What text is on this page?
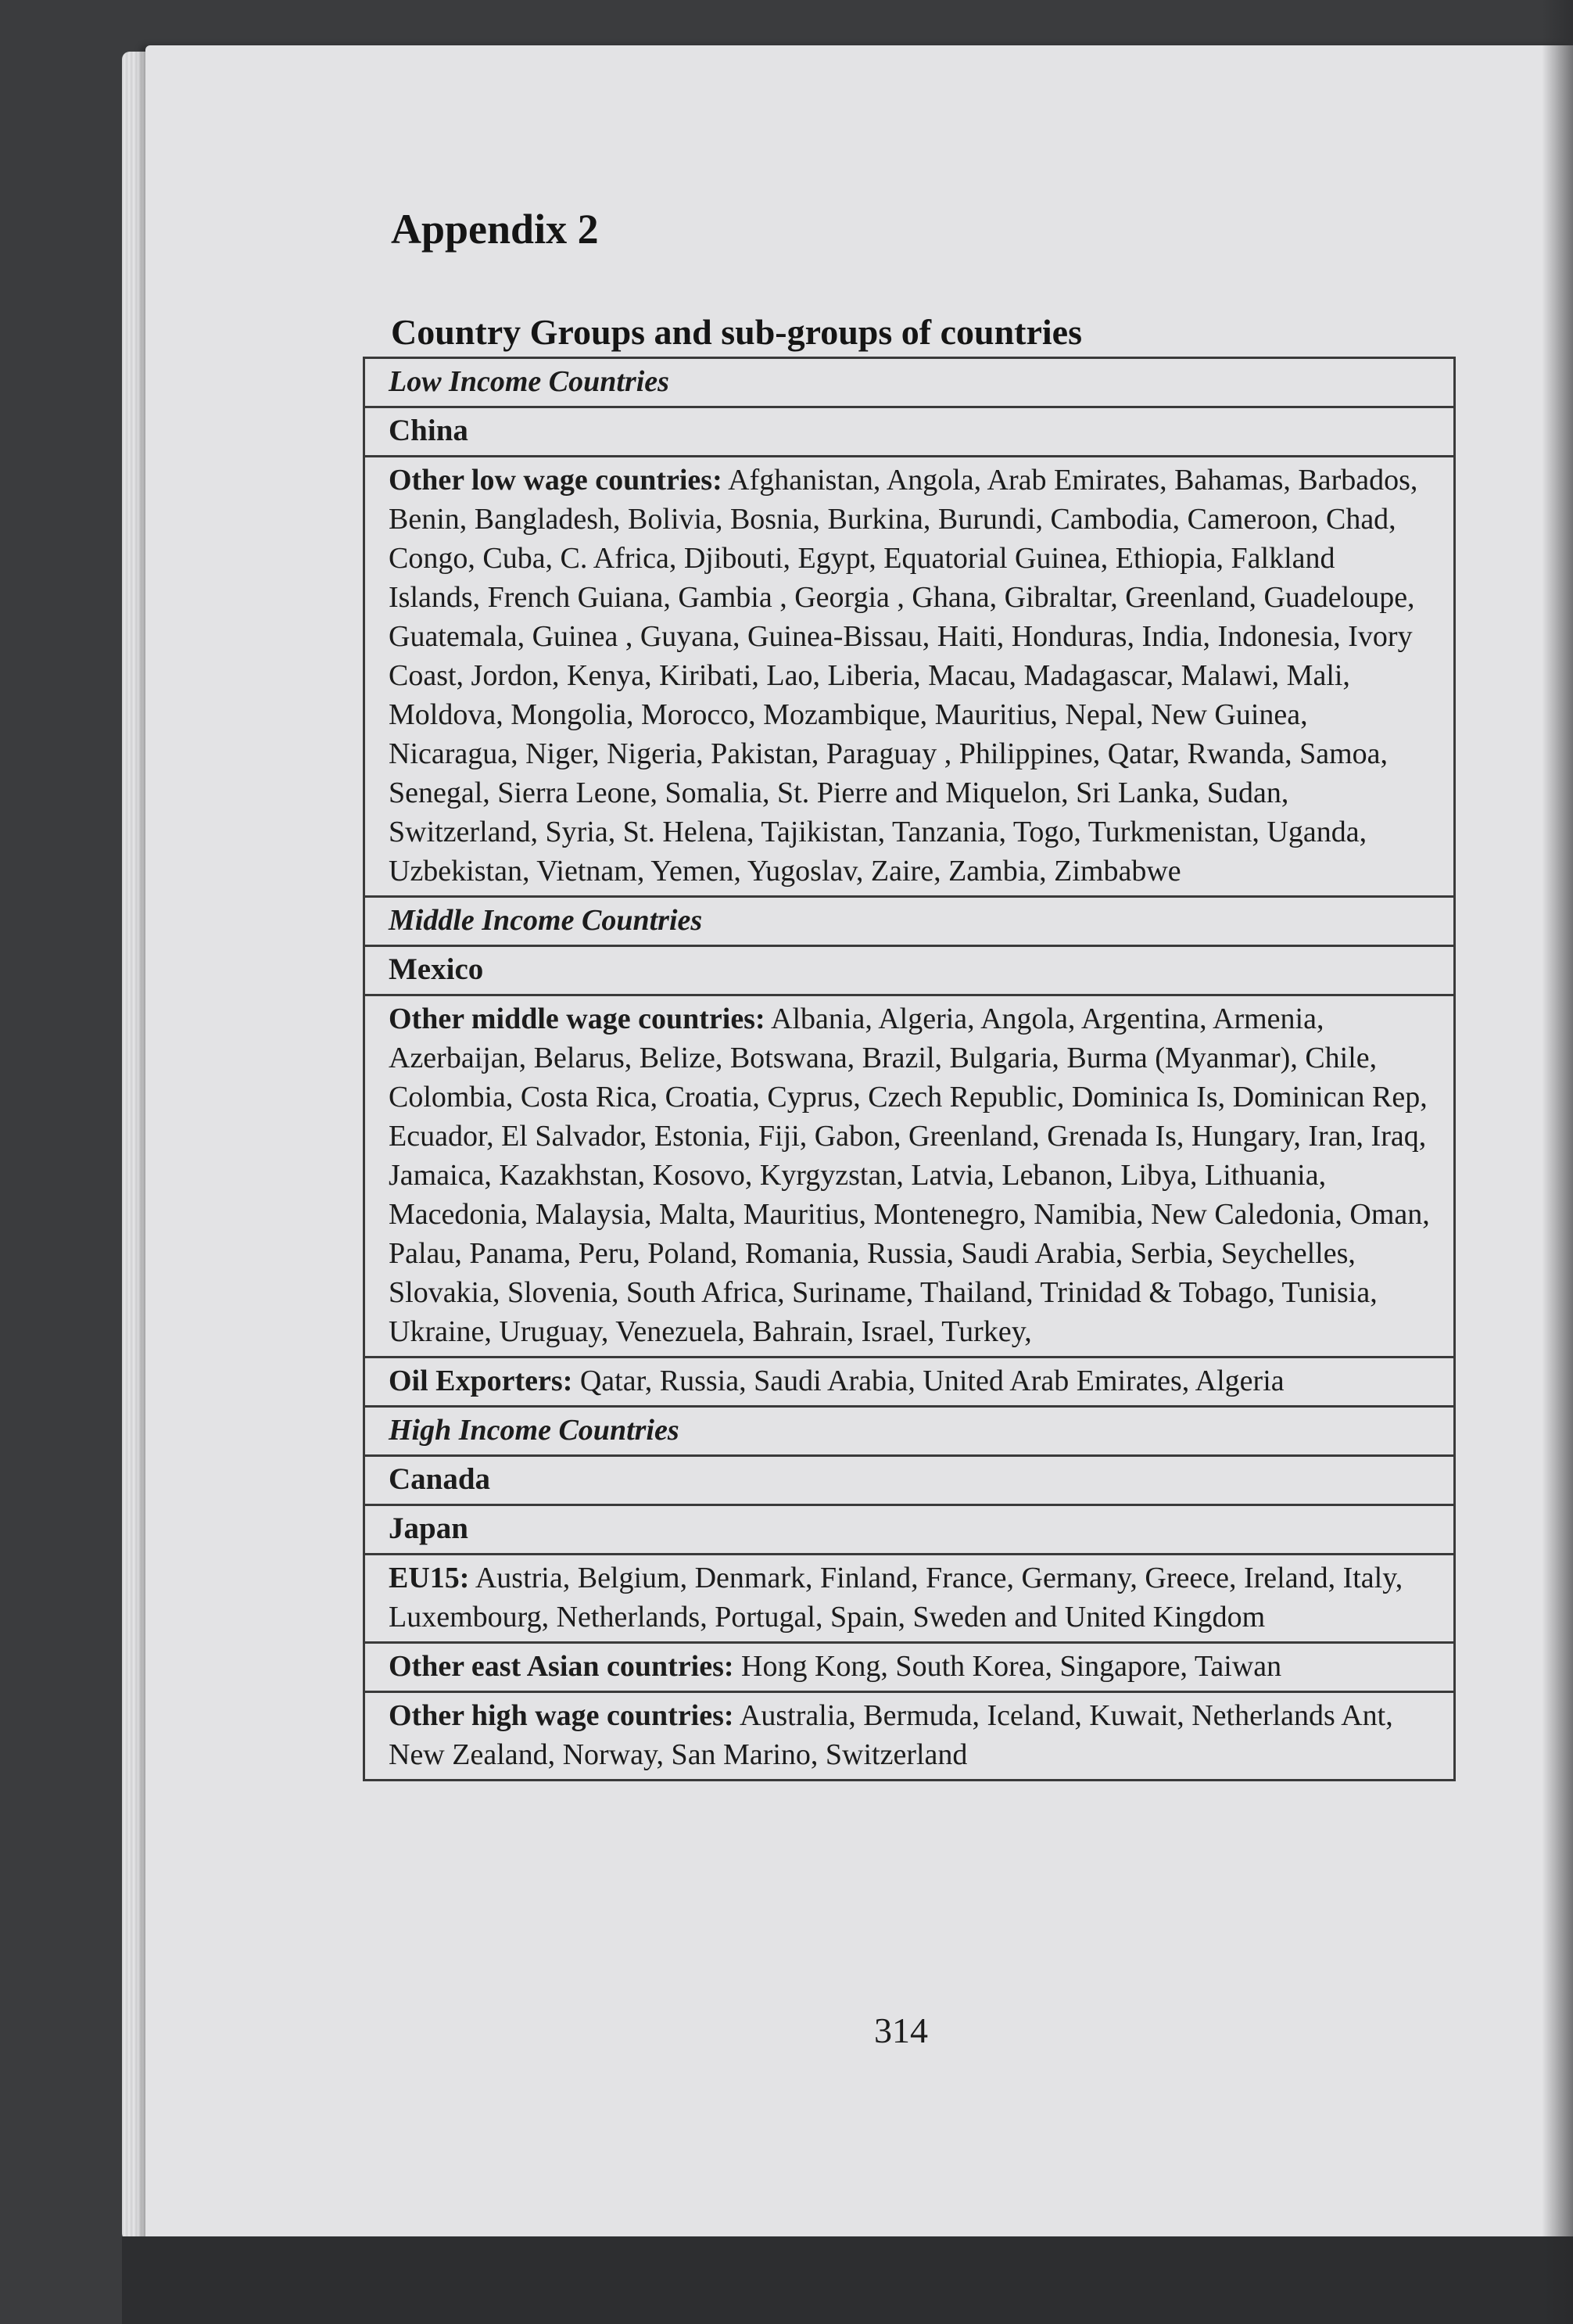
Appendix 2
Country Groups and sub-groups of countries
Low Income Countries
China
Other low wage countries: Afghanistan, Angola, Arab Emirates, Bahamas, Barbados, Benin, Bangladesh, Bolivia, Bosnia, Burkina, Burundi, Cambodia, Cameroon, Chad, Congo, Cuba, C. Africa, Djibouti, Egypt, Equatorial Guinea, Ethiopia, Falkland Islands, French Guiana, Gambia , Georgia , Ghana, Gibraltar, Greenland, Guadeloupe, Guatemala, Guinea , Guyana, Guinea-Bissau, Haiti, Honduras, India, Indonesia, Ivory Coast, Jordon, Kenya, Kiribati, Lao, Liberia, Macau, Madagascar, Malawi, Mali, Moldova, Mongolia, Morocco, Mozambique, Mauritius, Nepal, New Guinea, Nicaragua, Niger, Nigeria, Pakistan, Paraguay , Philippines, Qatar, Rwanda, Samoa, Senegal, Sierra Leone, Somalia, St. Pierre and Miquelon, Sri Lanka, Sudan, Switzerland, Syria, St. Helena, Tajikistan, Tanzania, Togo, Turkmenistan, Uganda, Uzbekistan, Vietnam, Yemen, Yugoslav, Zaire, Zambia, Zimbabwe
Middle Income Countries
Mexico
Other middle wage countries: Albania, Algeria, Angola, Argentina, Armenia, Azerbaijan, Belarus, Belize, Botswana, Brazil, Bulgaria, Burma (Myanmar), Chile, Colombia, Costa Rica, Croatia, Cyprus, Czech Republic, Dominica Is, Dominican Rep, Ecuador, El Salvador, Estonia, Fiji, Gabon, Greenland, Grenada Is, Hungary, Iran, Iraq, Jamaica, Kazakhstan, Kosovo, Kyrgyzstan, Latvia, Lebanon, Libya, Lithuania, Macedonia, Malaysia, Malta, Mauritius, Montenegro, Namibia, New Caledonia, Oman, Palau, Panama, Peru, Poland, Romania, Russia, Saudi Arabia, Serbia, Seychelles, Slovakia, Slovenia, South Africa, Suriname, Thailand, Trinidad & Tobago, Tunisia, Ukraine, Uruguay, Venezuela, Bahrain, Israel, Turkey,
Oil Exporters: Qatar, Russia, Saudi Arabia, United Arab Emirates, Algeria
High Income Countries
Canada
Japan
EU15: Austria, Belgium, Denmark, Finland, France, Germany, Greece, Ireland, Italy, Luxembourg, Netherlands, Portugal, Spain, Sweden and United Kingdom
Other east Asian countries: Hong Kong, South Korea, Singapore, Taiwan
Other high wage countries: Australia, Bermuda, Iceland, Kuwait, Netherlands Ant, New Zealand, Norway, San Marino, Switzerland
314
